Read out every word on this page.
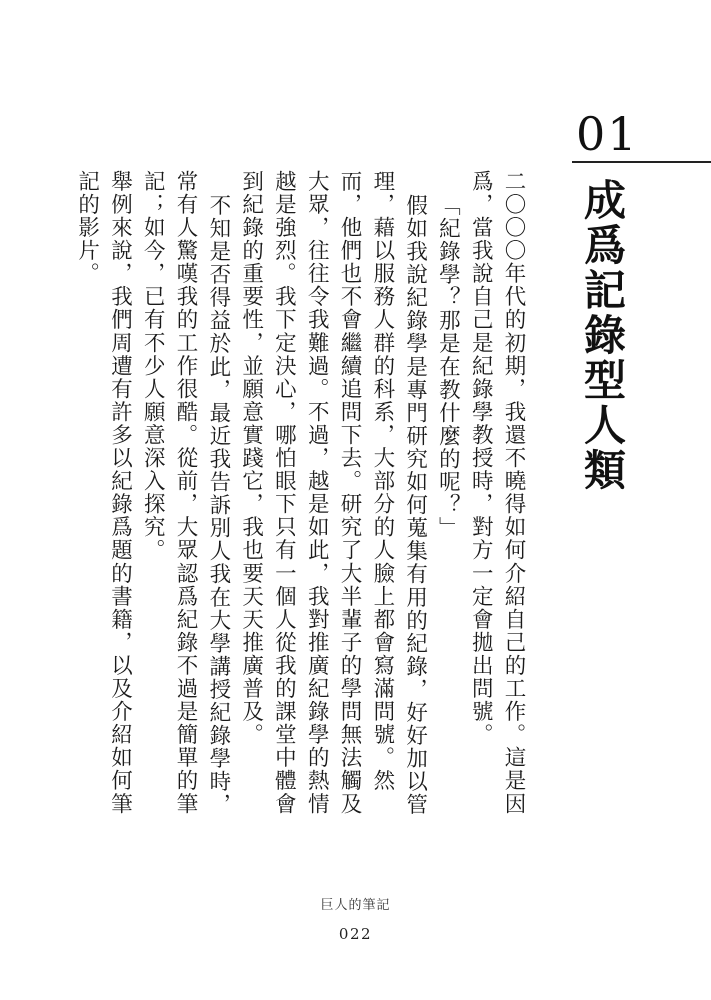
01
成爲記錄型人類

二〇〇〇年代的初期，我還不曉得如何介紹自己的工作。這是因爲，當我說自己是紀錄學教授時，對方一定會拋出問號。

「紀錄學？那是在教什麼的呢？」

假如我說紀錄學是專門研究如何蒐集有用的紀錄，好好加以管理，藉以服務人群的科系，大部分的人臉上都會寫滿問號。然而，他們也不會繼續追問下去。研究了大半輩子的學問無法觸及大眾，往往令我難過。不過，越是如此，我對推廣紀錄學的熱情越是強烈。我下定決心，哪怕眼下只有一個人從我的課堂中體會到紀錄的重要性，並願意實踐它，我也要天天推廣普及。

不知是否得益於此，最近我告訴別人我在大學講授紀錄學時，常有人驚嘆我的工作很酷。從前，大眾認爲紀錄不過是簡單的筆記；如今，已有不少人願意深入探究。

舉例來說，我們周遭有許多以紀錄爲題的書籍，以及介紹如何筆記的影片。

巨人的筆記
022
